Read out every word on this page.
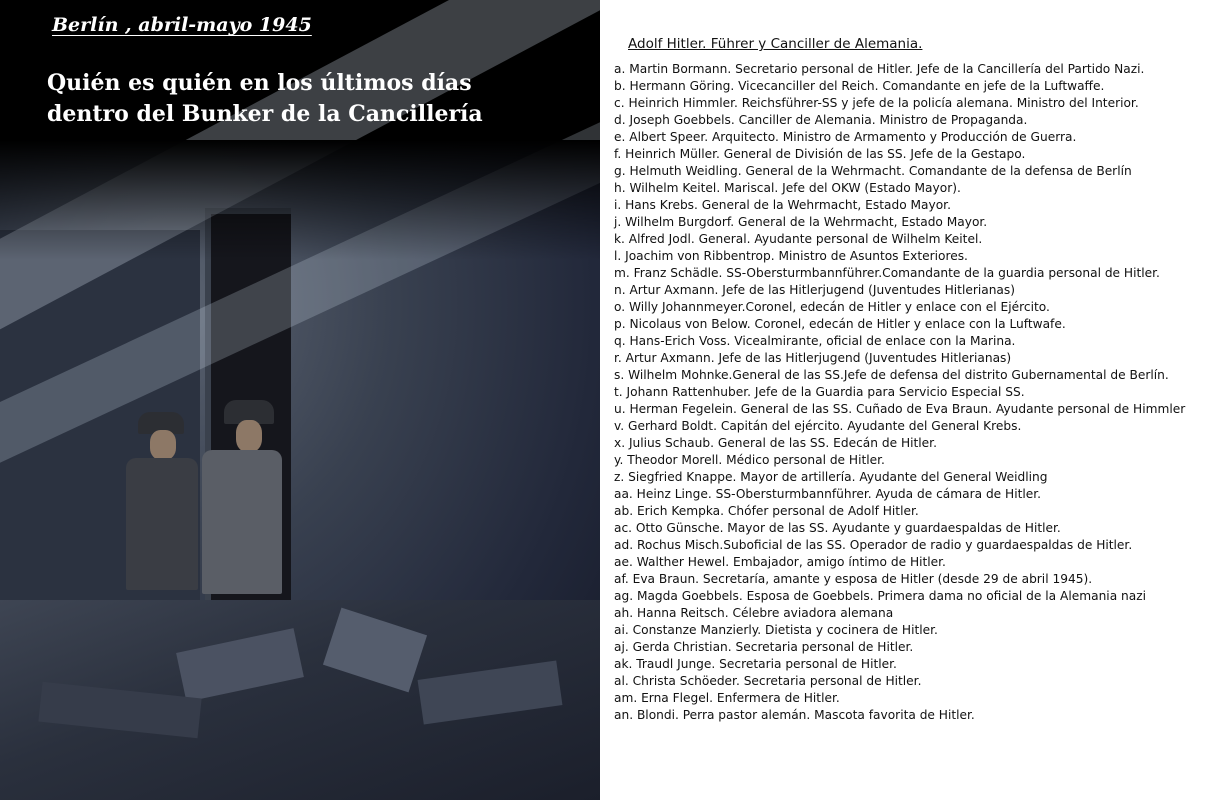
Berlín , abril-mayo 1945
Quién es quién en los últimos días
dentro del Bunker de la Cancillería
Adolf Hitler. Führer y Canciller de Alemania.
a. Martin Bormann. Secretario personal de Hitler. Jefe de la Cancillería del Partido Nazi.
b. Hermann Göring. Vicecanciller del Reich. Comandante en jefe de la Luftwaffe.
c. Heinrich Himmler. Reichsführer-SS y jefe de la policía alemana. Ministro del Interior.
d. Joseph Goebbels. Canciller de Alemania. Ministro de Propaganda.
e. Albert Speer. Arquitecto. Ministro de Armamento y Producción de Guerra.
f. Heinrich Müller. General de División de las SS. Jefe de la Gestapo.
g. Helmuth Weidling. General de la Wehrmacht. Comandante de la defensa de Berlín
h. Wilhelm Keitel. Mariscal. Jefe del OKW (Estado Mayor).
i. Hans Krebs. General de la Wehrmacht, Estado Mayor.
j. Wilhelm Burgdorf. General de la Wehrmacht, Estado Mayor.
k. Alfred Jodl. General. Ayudante personal de Wilhelm Keitel.
l. Joachim von Ribbentrop. Ministro de Asuntos Exteriores.
m. Franz Schädle. SS-Obersturmbannführer.Comandante de la guardia personal de Hitler.
n. Artur Axmann. Jefe de las Hitlerjugend (Juventudes Hitlerianas)
o. Willy Johannmeyer.Coronel, edecán de Hitler y enlace con el Ejército.
p. Nicolaus von Below. Coronel, edecán de Hitler y enlace con la Luftwafe.
q. Hans-Erich Voss. Vicealmirante, oficial de enlace con la Marina.
r. Artur Axmann. Jefe de las Hitlerjugend (Juventudes Hitlerianas)
s. Wilhelm Mohnke.General de las SS.Jefe de defensa del distrito Gubernamental de Berlín.
t. Johann Rattenhuber. Jefe de la Guardia para Servicio Especial SS.
u. Herman Fegelein. General de las SS. Cuñado de Eva Braun. Ayudante personal de Himmler
v. Gerhard Boldt. Capitán del ejército. Ayudante del General Krebs.
x. Julius Schaub. General de las SS. Edecán de Hitler.
y. Theodor Morell. Médico personal de Hitler.
z. Siegfried Knappe. Mayor de artillería. Ayudante del General Weidling
aa. Heinz Linge. SS-Obersturmbannführer. Ayuda de cámara de Hitler.
ab. Erich Kempka. Chófer personal de Adolf Hitler.
ac. Otto Günsche. Mayor de las SS. Ayudante y guardaespaldas de Hitler.
ad. Rochus Misch.Suboficial de las SS. Operador de radio y guardaespaldas de Hitler.
ae. Walther Hewel. Embajador, amigo íntimo de Hitler.
af. Eva Braun. Secretaría, amante y esposa de Hitler (desde 29 de abril 1945).
ag. Magda Goebbels. Esposa de Goebbels. Primera dama no oficial de la Alemania nazi
ah. Hanna Reitsch. Célebre aviadora alemana
ai. Constanze Manzierly. Dietista y cocinera de Hitler.
aj. Gerda Christian. Secretaria personal de Hitler.
ak. Traudl Junge. Secretaria personal de Hitler.
al. Christa Schöeder. Secretaria personal de Hitler.
am. Erna Flegel. Enfermera de Hitler.
an. Blondi. Perra pastor alemán. Mascota favorita de Hitler.
